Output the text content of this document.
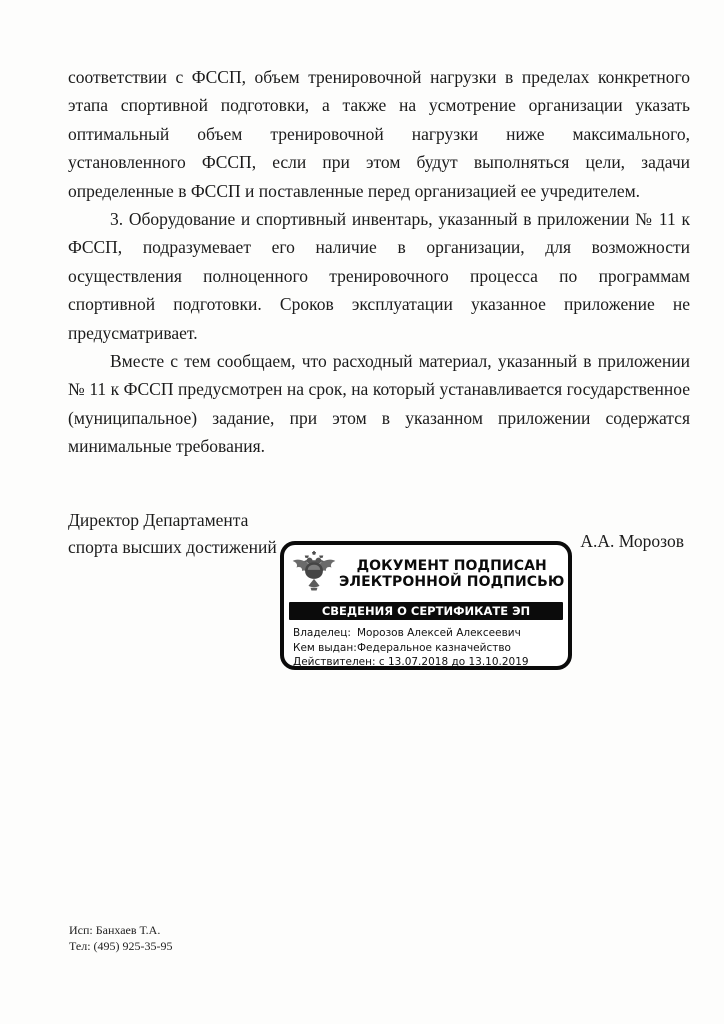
соответствии с ФССП, объем тренировочной нагрузки в пределах конкретного этапа спортивной подготовки, а также на усмотрение организации указать оптимальный объем тренировочной нагрузки ниже максимального, установленного ФССП, если при этом будут выполняться цели, задачи определенные в ФССП и поставленные перед организацией ее учредителем.

3. Оборудование и спортивный инвентарь, указанный в приложении № 11 к ФССП, подразумевает его наличие в организации, для возможности осуществления полноценного тренировочного процесса по программам спортивной подготовки. Сроков эксплуатации указанное приложение не предусматривает.

Вместе с тем сообщаем, что расходный материал, указанный в приложении № 11 к ФССП предусмотрен на срок, на который устанавливается государственное (муниципальное) задание, при этом в указанном приложении содержатся минимальные требования.

Директор Департамента
спорта высших достижений	А.А. Морозов
ДОКУМЕНТ ПОДПИСАН
ЭЛЕКТРОННОЙ ПОДПИСЬЮ
СВЕДЕНИЯ О СЕРТИФИКАТЕ ЭП
Владелец: Морозов Алексей Алексеевич
Кем выдан:Федеральное казначейство
Действителен: с 13.07.2018 до 13.10.2019
Исп: Банхаев Т.А.
Тел: (495) 925-35-95
